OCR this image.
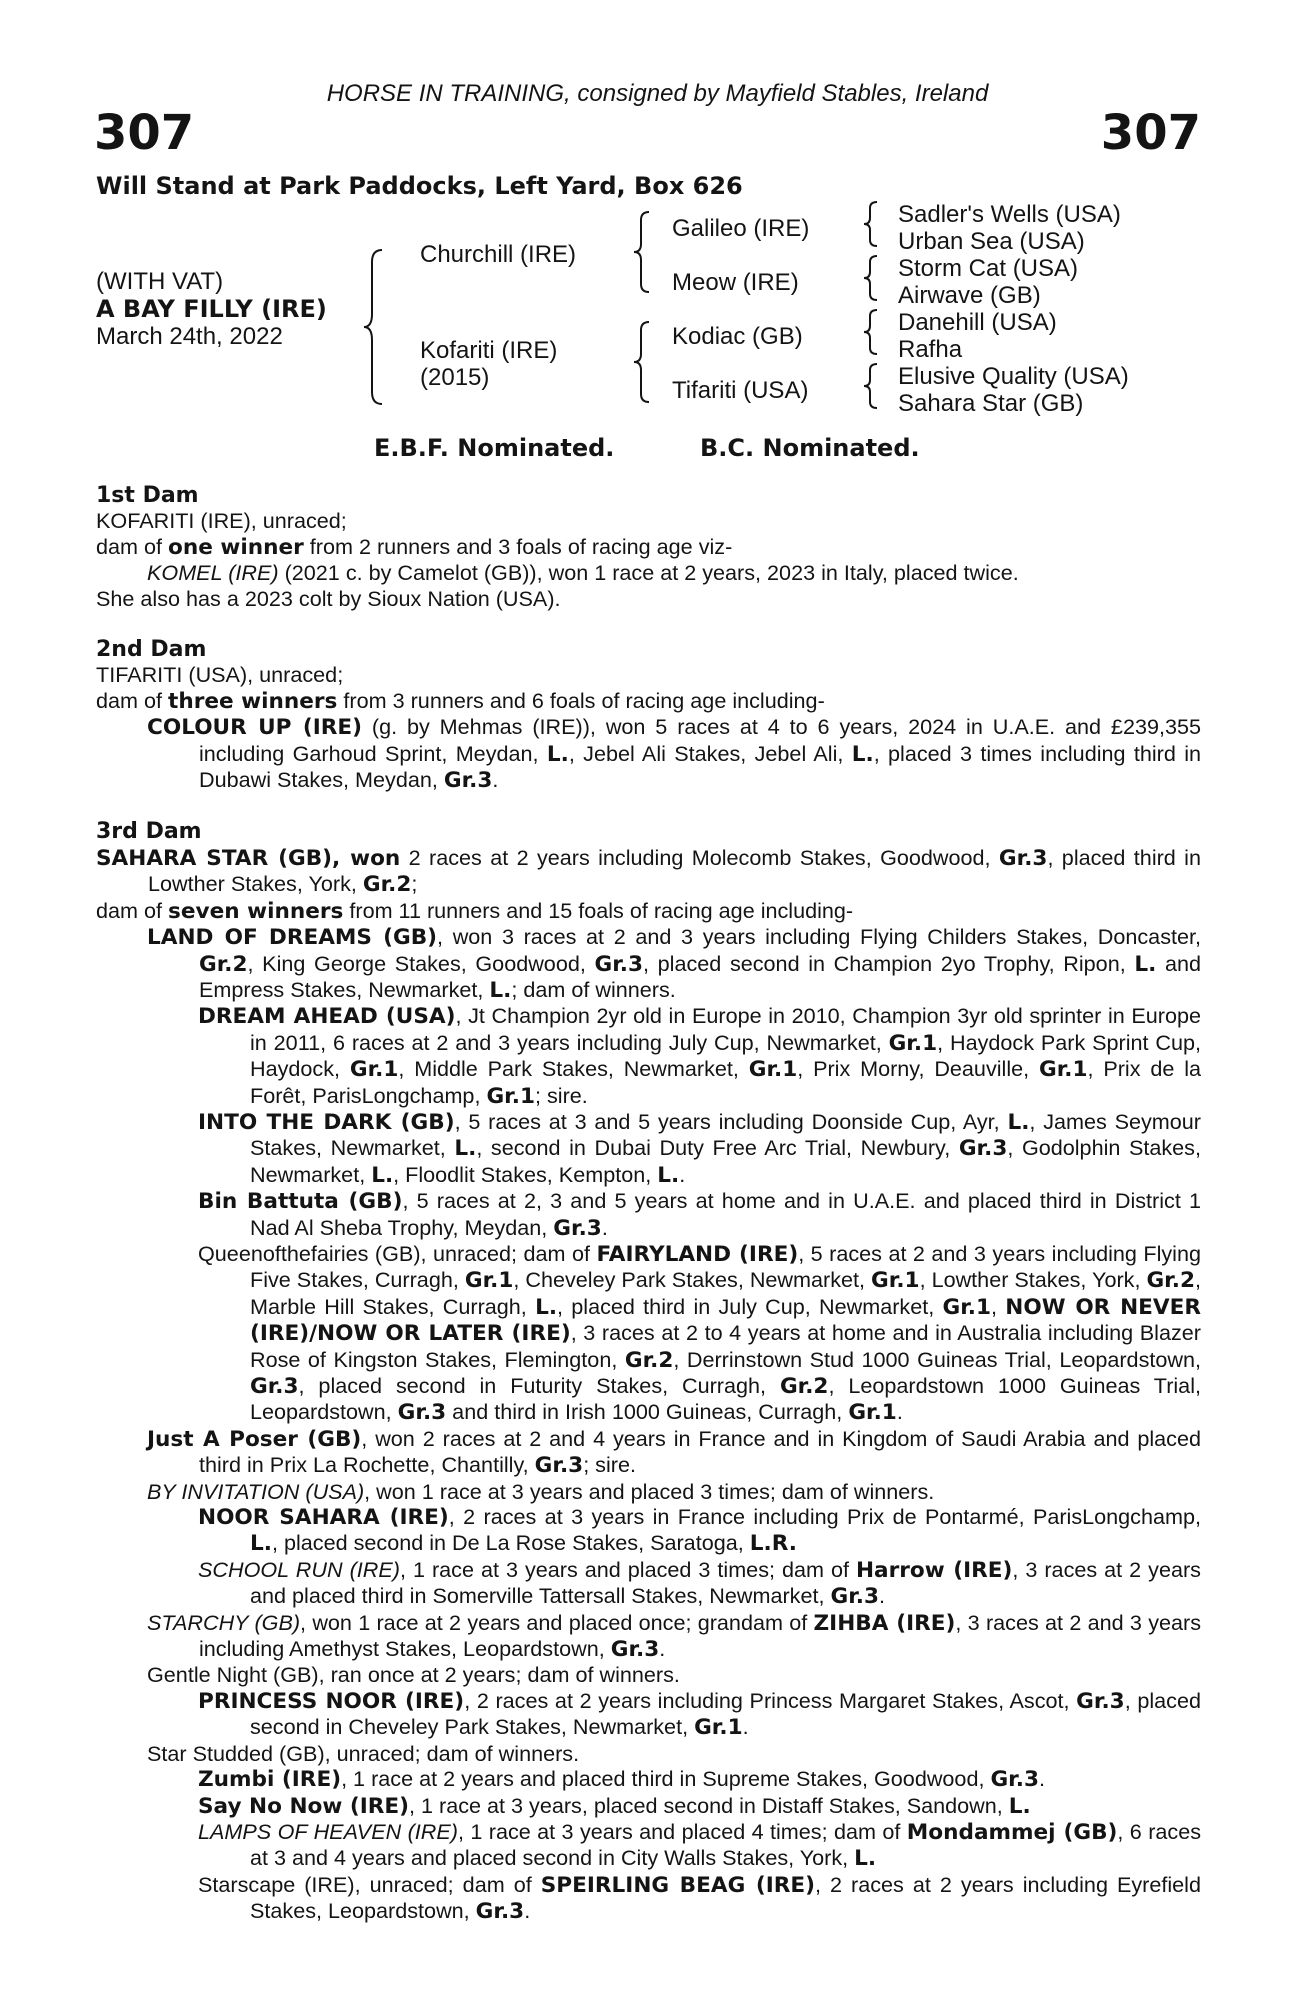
HORSE IN TRAINING, consigned by Mayfield Stables, Ireland
307	307
Will Stand at Park Paddocks, Left Yard, Box 626
(WITH VAT)
A BAY FILLY (IRE)
March 24th, 2022
Churchill (IRE)
Kofariti (IRE)
(2015)
Galileo (IRE)
Meow (IRE)
Kodiac (GB)
Tifariti (USA)
Sadler's Wells (USA)
Urban Sea (USA)
Storm Cat (USA)
Airwave (GB)
Danehill (USA)
Rafha
Elusive Quality (USA)
Sahara Star (GB)
E.B.F. Nominated.	B.C. Nominated.
1st Dam
KOFARITI (IRE), unraced;
dam of one winner from 2 runners and 3 foals of racing age viz-
KOMEL (IRE) (2021 c. by Camelot (GB)), won 1 race at 2 years, 2023 in Italy, placed twice.
She also has a 2023 colt by Sioux Nation (USA).
2nd Dam
TIFARITI (USA), unraced;
dam of three winners from 3 runners and 6 foals of racing age including-
COLOUR UP (IRE) (g. by Mehmas (IRE)), won 5 races at 4 to 6 years, 2024 in U.A.E. and £239,355 including Garhoud Sprint, Meydan, L., Jebel Ali Stakes, Jebel Ali, L., placed 3 times including third in Dubawi Stakes, Meydan, Gr.3.
3rd Dam
SAHARA STAR (GB), won 2 races at 2 years including Molecomb Stakes, Goodwood, Gr.3, placed third in Lowther Stakes, York, Gr.2;
dam of seven winners from 11 runners and 15 foals of racing age including-
LAND OF DREAMS (GB), won 3 races at 2 and 3 years including Flying Childers Stakes, Doncaster, Gr.2, King George Stakes, Goodwood, Gr.3, placed second in Champion 2yo Trophy, Ripon, L. and Empress Stakes, Newmarket, L.; dam of winners.
DREAM AHEAD (USA), Jt Champion 2yr old in Europe in 2010, Champion 3yr old sprinter in Europe in 2011, 6 races at 2 and 3 years including July Cup, Newmarket, Gr.1, Haydock Park Sprint Cup, Haydock, Gr.1, Middle Park Stakes, Newmarket, Gr.1, Prix Morny, Deauville, Gr.1, Prix de la Forêt, ParisLongchamp, Gr.1; sire.
INTO THE DARK (GB), 5 races at 3 and 5 years including Doonside Cup, Ayr, L., James Seymour Stakes, Newmarket, L., second in Dubai Duty Free Arc Trial, Newbury, Gr.3, Godolphin Stakes, Newmarket, L., Floodlit Stakes, Kempton, L..
Bin Battuta (GB), 5 races at 2, 3 and 5 years at home and in U.A.E. and placed third in District 1 Nad Al Sheba Trophy, Meydan, Gr.3.
Queenofthefairies (GB), unraced; dam of FAIRYLAND (IRE), 5 races at 2 and 3 years including Flying Five Stakes, Curragh, Gr.1, Cheveley Park Stakes, Newmarket, Gr.1, Lowther Stakes, York, Gr.2, Marble Hill Stakes, Curragh, L., placed third in July Cup, Newmarket, Gr.1, NOW OR NEVER (IRE)/NOW OR LATER (IRE), 3 races at 2 to 4 years at home and in Australia including Blazer Rose of Kingston Stakes, Flemington, Gr.2, Derrinstown Stud 1000 Guineas Trial, Leopardstown, Gr.3, placed second in Futurity Stakes, Curragh, Gr.2, Leopardstown 1000 Guineas Trial, Leopardstown, Gr.3 and third in Irish 1000 Guineas, Curragh, Gr.1.
Just A Poser (GB), won 2 races at 2 and 4 years in France and in Kingdom of Saudi Arabia and placed third in Prix La Rochette, Chantilly, Gr.3; sire.
BY INVITATION (USA), won 1 race at 3 years and placed 3 times; dam of winners.
NOOR SAHARA (IRE), 2 races at 3 years in France including Prix de Pontarmé, ParisLongchamp, L., placed second in De La Rose Stakes, Saratoga, L.R.
SCHOOL RUN (IRE), 1 race at 3 years and placed 3 times; dam of Harrow (IRE), 3 races at 2 years and placed third in Somerville Tattersall Stakes, Newmarket, Gr.3.
STARCHY (GB), won 1 race at 2 years and placed once; grandam of ZIHBA (IRE), 3 races at 2 and 3 years including Amethyst Stakes, Leopardstown, Gr.3.
Gentle Night (GB), ran once at 2 years; dam of winners.
PRINCESS NOOR (IRE), 2 races at 2 years including Princess Margaret Stakes, Ascot, Gr.3, placed second in Cheveley Park Stakes, Newmarket, Gr.1.
Star Studded (GB), unraced; dam of winners.
Zumbi (IRE), 1 race at 2 years and placed third in Supreme Stakes, Goodwood, Gr.3.
Say No Now (IRE), 1 race at 3 years, placed second in Distaff Stakes, Sandown, L.
LAMPS OF HEAVEN (IRE), 1 race at 3 years and placed 4 times; dam of Mondammej (GB), 6 races at 3 and 4 years and placed second in City Walls Stakes, York, L.
Starscape (IRE), unraced; dam of SPEIRLING BEAG (IRE), 2 races at 2 years including Eyrefield Stakes, Leopardstown, Gr.3.
